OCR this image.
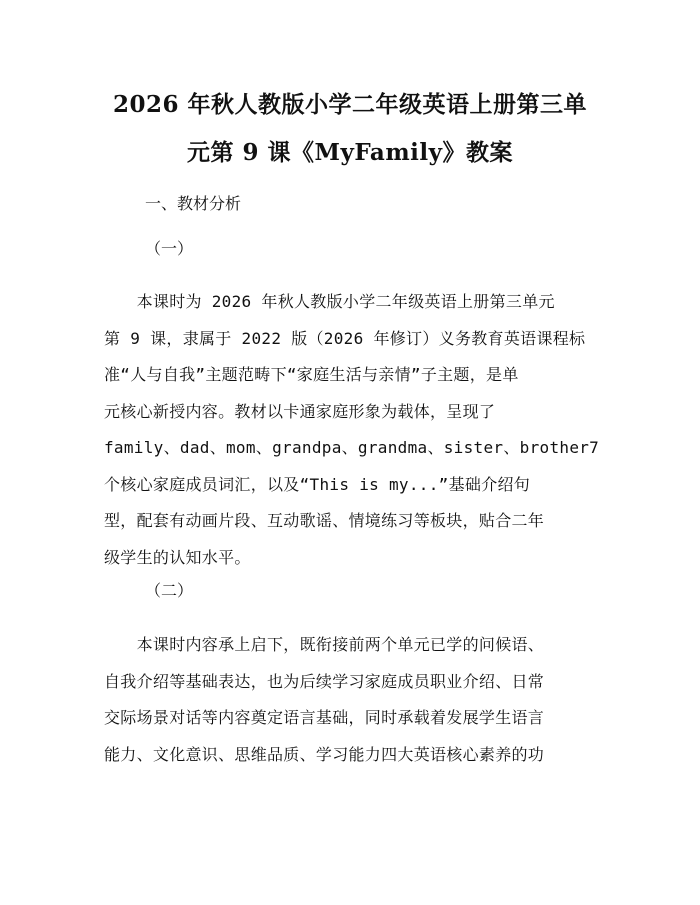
2026 年秋人教版小学二年级英语上册第三单
元第 9 课《MyFamily》教案
一、教材分析
（一）
　　本课时为 2026 年秋人教版小学二年级英语上册第三单元
第 9 课，隶属于 2022 版（2026 年修订）义务教育英语课程标
准“人与自我”主题范畴下“家庭生活与亲情”子主题，是单
元核心新授内容。教材以卡通家庭形象为载体，呈现了
family、dad、mom、grandpa、grandma、sister、brother7
个核心家庭成员词汇，以及“This is my...”基础介绍句
型，配套有动画片段、互动歌谣、情境练习等板块，贴合二年
级学生的认知水平。
（二）
　　本课时内容承上启下，既衔接前两个单元已学的问候语、
自我介绍等基础表达，也为后续学习家庭成员职业介绍、日常
交际场景对话等内容奠定语言基础，同时承载着发展学生语言
能力、文化意识、思维品质、学习能力四大英语核心素养的功
